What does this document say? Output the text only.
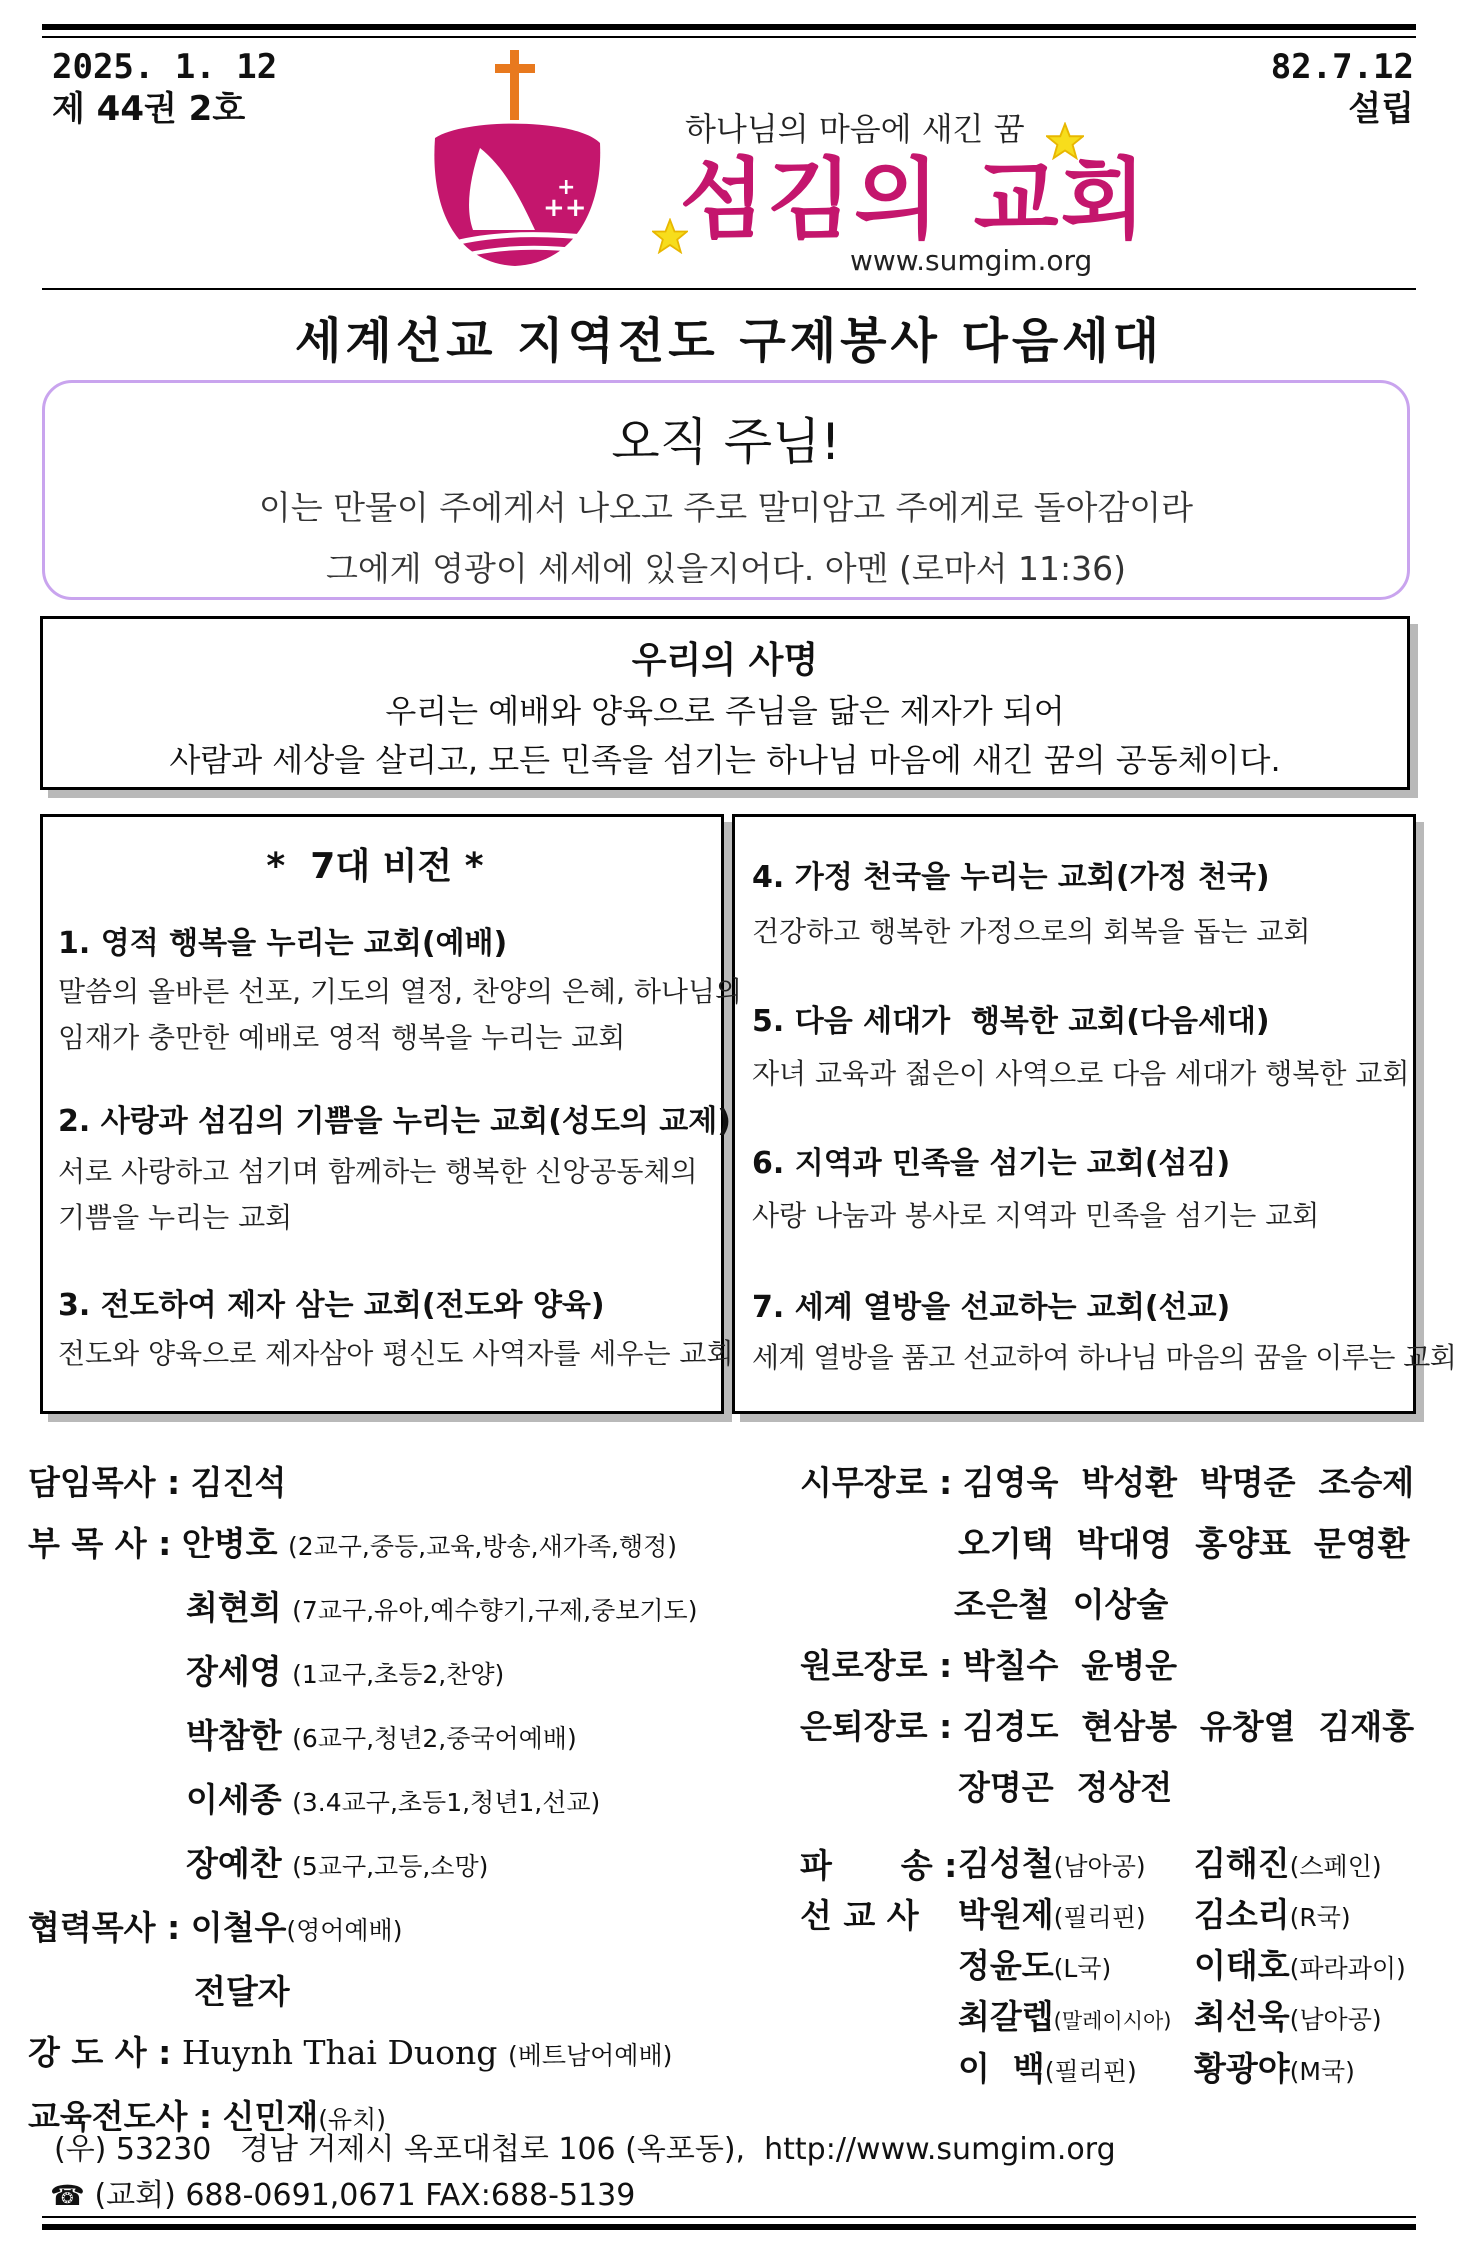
2025. 1. 12
제 44권 2호
82.7.12
설립
++
+
하나님의 마음에 새긴 꿈
섬김의 교회
www.sumgim.org
세계선교 지역전도 구제봉사 다음세대
오직 주님!
이는 만물이 주에게서 나오고 주로 말미암고 주에게로 돌아감이라
그에게 영광이 세세에 있을지어다. 아멘 (로마서 11:36)
우리의 사명
우리는 예배와 양육으로 주님을 닮은 제자가 되어
사람과 세상을 살리고, 모든 민족을 섬기는 하나님 마음에 새긴 꿈의 공동체이다.
*  7대 비전 *
1. 영적 행복을 누리는 교회(예배)
말씀의 올바른 선포, 기도의 열정, 찬양의 은혜, 하나님의
임재가 충만한 예배로 영적 행복을 누리는 교회
2. 사랑과 섬김의 기쁨을 누리는 교회(성도의 교제)
서로 사랑하고 섬기며 함께하는 행복한 신앙공동체의
기쁨을 누리는 교회
3. 전도하여 제자 삼는 교회(전도와 양육)
전도와 양육으로 제자삼아 평신도 사역자를 세우는 교회
4. 가정 천국을 누리는 교회(가정 천국)
건강하고 행복한 가정으로의 회복을 돕는 교회
5. 다음 세대가  행복한 교회(다음세대)
자녀 교육과 젊은이 사역으로 다음 세대가 행복한 교회
6. 지역과 민족을 섬기는 교회(섬김)
사랑 나눔과 봉사로 지역과 민족을 섬기는 교회
7. 세계 열방을 선교하는 교회(선교)
세계 열방을 품고 선교하여 하나님 마음의 꿈을 이루는 교회
담임목사 : 김진석
부 목 사 : 안병호 (2교구,중등,교육,방송,새가족,행정)
최현희 (7교구,유아,예수향기,구제,중보기도)
장세영 (1교구,초등2,찬양)
박참한 (6교구,청년2,중국어예배)
이세종 (3.4교구,초등1,청년1,선교)
장예찬 (5교구,고등,소망)
협력목사 : 이철우(영어예배)
전달자
강 도 사 : Huynh Thai Duong (베트남어예배)
교육전도사 : 신민재(유치)
시무장로 : 김영욱  박성환  박명준  조승제
오기택  박대영  홍양표  문영환
조은철  이상술
원로장로 : 박칠수  윤병운
은퇴장로 : 김경도  현삼봉  유창열  김재홍
장명곤  정상전
파      송 :
선 교 사
김성철(남아공)	김해진(스페인)
박원제(필리핀)	김소리(R국)
정윤도(L국)	이태호(파라과이)
최갈렙(말레이시아) 최선욱(남아공)
이  백(필리핀)	황광야(M국)
(우) 53230   경남 거제시 옥포대첩로 106 (옥포동),  http://www.sumgim.org
☎ (교회) 688-0691,0671 FAX:688-5139
